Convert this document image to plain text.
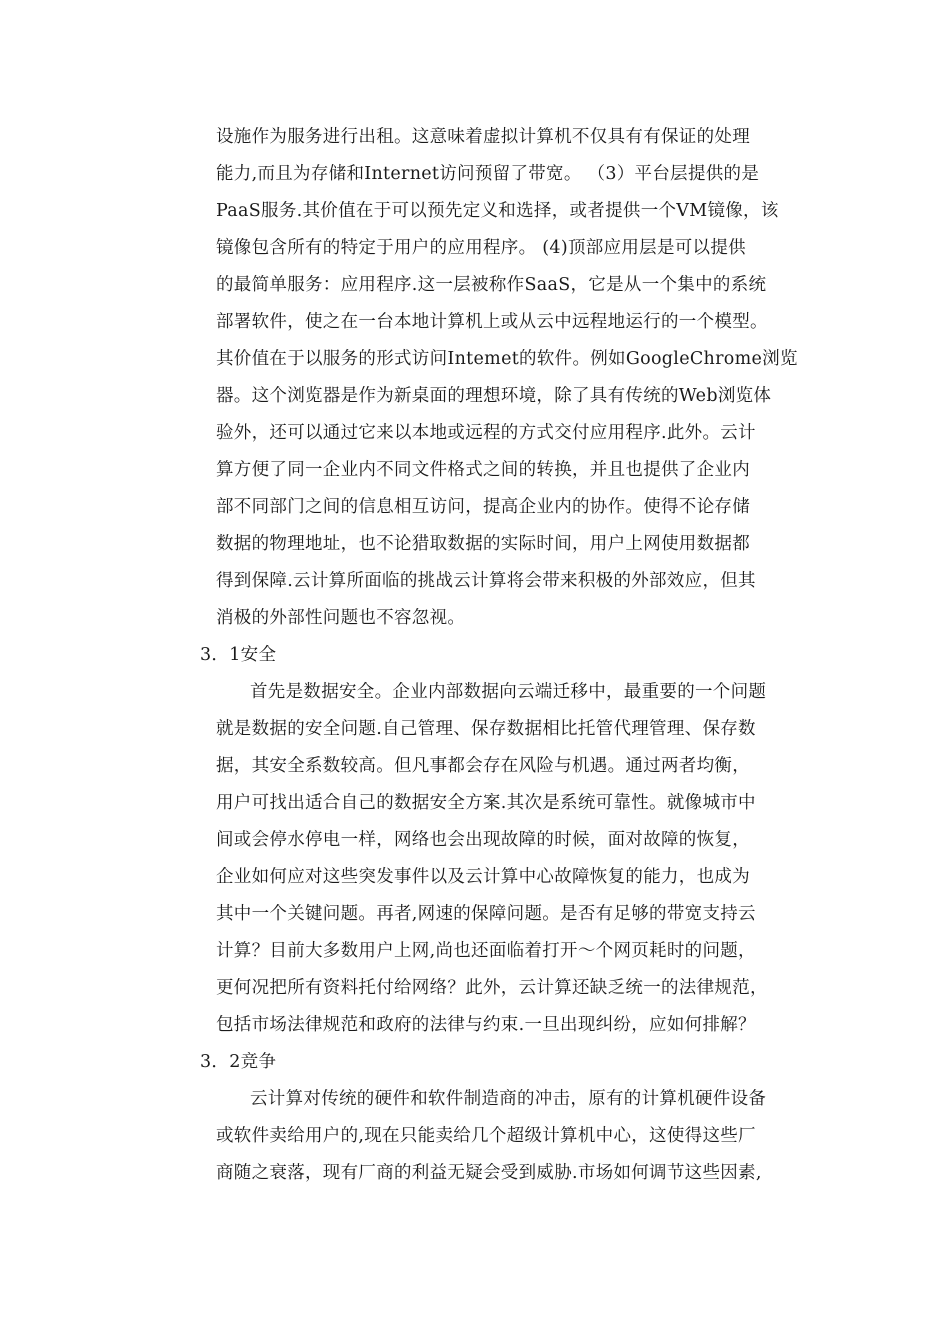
设施作为服务进行出租。这意味着虚拟计算机不仅具有有保证的处理
能力,而且为存储和Internet访问预留了带宽。 （3）平台层提供的是
PaaS服务.其价值在于可以预先定义和选择，或者提供一个VM镜像，该
镜像包含所有的特定于用户的应用程序。 (4)顶部应用层是可以提供
的最简单服务：应用程序.这一层被称作SaaS，它是从一个集中的系统
部署软件，使之在一台本地计算机上或从云中远程地运行的一个模型。
其价值在于以服务的形式访问Intemet的软件。例如GoogleChrome浏览
器。这个浏览器是作为新桌面的理想环境，除了具有传统的Web浏览体
验外，还可以通过它来以本地或远程的方式交付应用程序.此外。云计
算方便了同一企业内不同文件格式之间的转换，并且也提供了企业内
部不同部门之间的信息相互访问，提高企业内的协作。使得不论存储
数据的物理地址，也不论猎取数据的实际时间，用户上网使用数据都
得到保障.云计算所面临的挑战云计算将会带来积极的外部效应，但其
消极的外部性问题也不容忽视。
3．1安全
首先是数据安全。企业内部数据向云端迁移中，最重要的一个问题
就是数据的安全问题.自己管理、保存数据相比托管代理管理、保存数
据，其安全系数较高。但凡事都会存在风险与机遇。通过两者均衡，
用户可找出适合自己的数据安全方案.其次是系统可靠性。就像城市中
间或会停水停电一样，网络也会出现故障的时候，面对故障的恢复，
企业如何应对这些突发事件以及云计算中心故障恢复的能力，也成为
其中一个关键问题。再者,网速的保障问题。是否有足够的带宽支持云
计算？目前大多数用户上网,尚也还面临着打开～个网页耗时的问题，
更何况把所有资料托付给网络？此外，云计算还缺乏统一的法律规范，
包括市场法律规范和政府的法律与约束.一旦出现纠纷，应如何排解？
3．2竞争
云计算对传统的硬件和软件制造商的冲击，原有的计算机硬件设备
或软件卖给用户的,现在只能卖给几个超级计算机中心，这使得这些厂
商随之衰落，现有厂商的利益无疑会受到威胁.市场如何调节这些因素,
